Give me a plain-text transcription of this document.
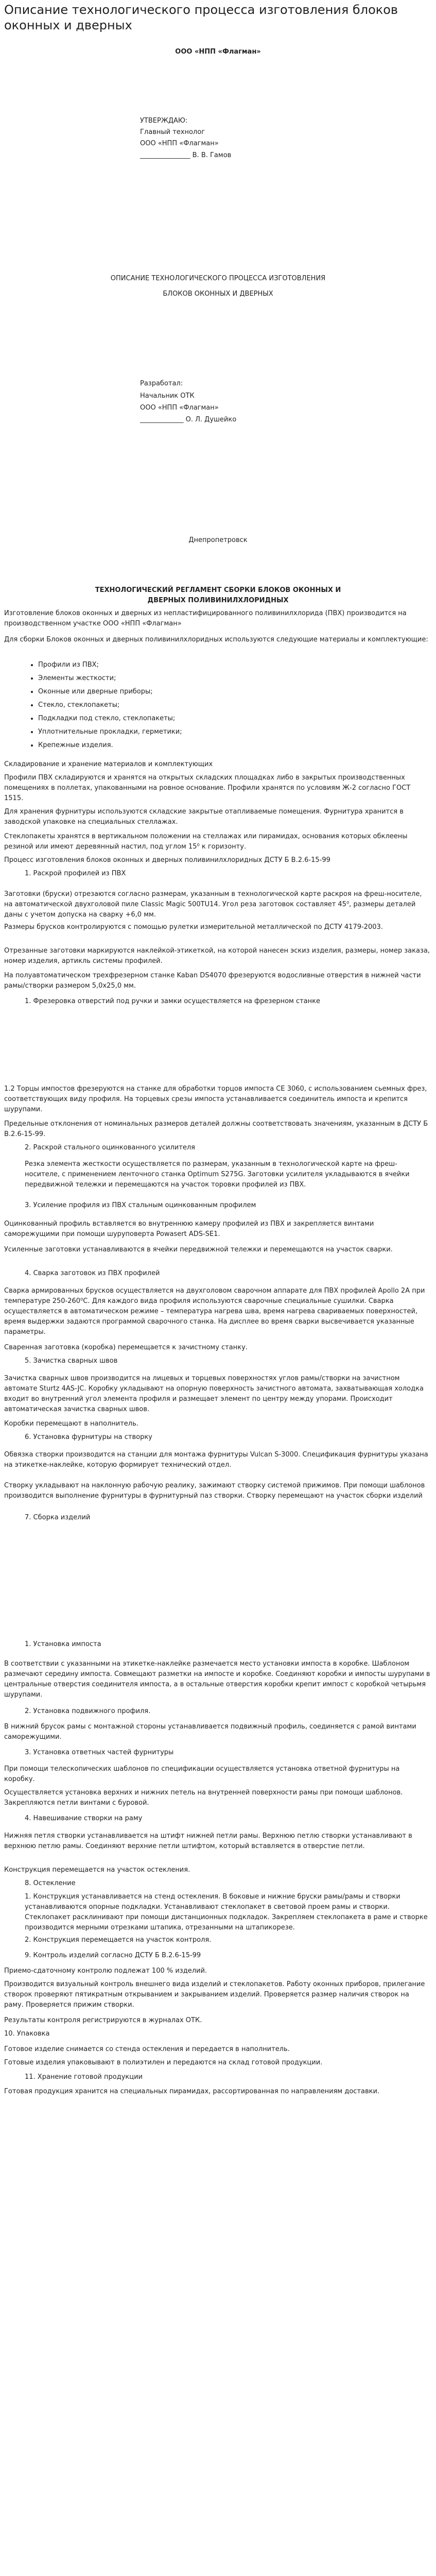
Описание технологического процесса изготовления блоков оконных и дверных

ООО «НПП «Флагман»

УТВЕРЖДАЮ:

Главный технолог

ООО «НПП «Флагман»

_______________ В. В. Гамов

ОПИСАНИЕ ТЕХНОЛОГИЧЕСКОГО ПРОЦЕССА ИЗГОТОВЛЕНИЯ

БЛОКОВ ОКОННЫХ И ДВЕРНЫХ

Разработал:

Начальник ОТК

ООО «НПП «Флагман»

_____________ О. Л. Душейко

Днепропетровск

ТЕХНОЛОГИЧЕСКИЙ РЕГЛАМЕНТ СБОРКИ БЛОКОВ ОКОННЫХ И

ДВЕРНЫХ ПОЛИВИНИЛХЛОРИДНЫХ

Изготовление блоков оконных и дверных из непластифицированного поливинилхлорида (ПВХ) производится на производственном участке ООО «НПП «Флагман»

Для сборки Блоков оконных и дверных поливинилхлоридных используются следующие материалы и комплектующие:

• Профили из ПВХ;
• Элементы жесткости;
• Оконные или дверные приборы;
• Стекло, стеклопакеты;
• Подкладки под стекло, стеклопакеты;
• Уплотнительные прокладки, герметики;
• Крепежные изделия.

Складирование и хранение материалов и комплектующих

Профили ПВХ складируются и хранятся на открытых складских площадках либо в закрытых производственных помещениях в поллетах, упакованными на ровное основание. Профили хранятся по условиям Ж-2 согласно ГОСТ 1515.

Для хранения фурнитуры используются складские закрытые отапливаемые помещения. Фурнитура хранится в заводской упаковке на специальных стеллажах.

Стеклопакеты хранятся в вертикальном положении на стеллажах или пирамидах, основания которых обклеены резиной или имеют деревянный настил, под углом 15⁰ к горизонту.

Процесс изготовления блоков оконных и дверных поливинилхлоридных ДСТУ Б В.2.6-15-99

1. Раскрой профилей из ПВХ

Заготовки (бруски) отрезаются согласно размерам, указанным в технологической карте раскроя на фреш-носителе, на автоматической двухголовой пиле Classic Magic 500TU14. Угол реза заготовок составляет 45⁰, размеры деталей даны с учетом допуска на сварку +6,0 мм.

Размеры брусков контролируются с помощью рулетки измерительной металлической по ДСТУ 4179-2003.

Отрезанные заготовки маркируются наклейкой-этикеткой, на которой нанесен эскиз изделия, размеры, номер заказа, номер изделия, артикль системы профилей.

На полуавтоматическом трехфрезерном станке Kaban DS4070 фрезеруются водосливные отверстия в нижней части рамы/створки размером 5,0х25,0 мм.

1. Фрезеровка отверстий под ручки и замки осуществляется на фрезерном станке

1.2 Торцы импостов фрезеруются на станке для обработки торцов импоста CE 3060, с использованием сьемных фрез, соответствующих виду профиля. На торцевых срезы импоста устанавливается соединитель импоста и крепится шурупами.

Предельные отклонения от номинальных размеров деталей должны соответствовать значениям, указанным в ДСТУ Б В.2.6-15-99.

2. Раскрой стального оцинкованного усилителя

Резка элемента жесткости осуществляется по размерам, указанным в технологической карте на фреш-носителе, с применением ленточного станка Optimum S275G. Заготовки усилителя укладываются в ячейки передвижной тележки и перемещаются на участок торовки профилей из ПВХ.

3. Усиление профиля из ПВХ стальным оцинкованным профилем

Оцинкованный профиль вставляется во внутреннюю камеру профилей из ПВХ и закрепляется винтами саморежущими при помощи шуруповерта Powasert ADS-SE1.

Усиленные заготовки устанавливаются в ячейки передвижной тележки и перемещаются на участок сварки.

4. Сварка заготовок из ПВХ профилей

Сварка армированных брусков осуществляется на двухголовом сварочном аппарате для ПВХ профилей Apollo 2A при температуре 250-260⁰С. Для каждого вида профиля используются сварочные специальные сушилки. Сварка осуществляется в автоматическом режиме – температура нагрева шва, время нагрева свариваемых поверхностей, время выдержки задаются программой сварочного станка. На дисплее во время сварки высвечивается указанные параметры.

Сваренная заготовка (коробка) перемещается к зачистному станку.

5. Зачистка сварных швов

Зачистка сварных швов производится на лицевых и торцевых поверхностях углов рамы/створки на зачистном автомате Sturtz 4AS-JC. Коробку укладывают на опорную поверхность зачистного автомата, захватывающая холодка входит во внутренний угол элемента профиля и размещает элемент по центру между упорами. Происходит автоматическая зачистка сварных швов.

Коробки перемещают в наполнитель.

6. Установка фурнитуры на створку

Обвязка створки производится на станции для монтажа фурнитуры Vulcan S-3000. Спецификация фурнитуры указана на этикетке-наклейке, которую формирует технический отдел.

Створку укладывают на наклонную рабочую реалику, зажимают створку системой прижимов. При помощи шаблонов производится выполнение фурнитуры в фурнитурный паз створки. Створку перемещают на участок сборки изделий

7. Сборка изделий

1. Установка импоста

В соответствии с указанными на этикетке-наклейке размечается место установки импоста в коробке. Шаблоном размечают середину импоста. Совмещают разметки на импосте и коробке. Соединяют коробки и импосты шурупами в центральные отверстия соединителя импоста, а в остальные отверстия коробки крепит импост с коробкой четырьмя шурупами.

2. Установка подвижного профиля.

В нижний брусок рамы с монтажной стороны устанавливается подвижный профиль, соединяется с рамой винтами саморежущими.

3. Установка ответных частей фурнитуры

При помощи телескопических шаблонов по спецификации осуществляется установка ответной фурнитуры на коробку.

Осуществляется установка верхних и нижних петель на внутренней поверхности рамы при помощи шаблонов. Закрепляются петли винтами с буровой.

4. Навешивание створки на раму

Нижняя петля створки устанавливается на штифт нижней петли рамы. Верхнюю петлю створки устанавливают в верхнюю петлю рамы. Соединяют верхние петли штифтом, который вставляется в отверстие петли.

Конструкция перемещается на участок остекления.

8. Остекление

1. Конструкция устанавливается на стенд остекления. В боковые и нижние бруски рамы/рамы и створки устанавливаются опорные подкладки. Устанавливают стеклопакет в световой проем рамы и створки. Стеклопакет расклинивают при помощи дистанционных подкладок. Закрепляем стеклопакета в раме и створке производится мерными отрезками штапика, отрезанными на штапикорезе.

2. Конструкция перемещается на участок контроля.

9. Контроль изделий согласно ДСТУ Б В.2.6-15-99

Приемо-сдаточному контролю подлежат 100 % изделий.

Производится визуальный контроль внешнего вида изделий и стеклопакетов. Работу оконных приборов, прилегание створок проверяют пятикратным открыванием и закрыванием изделий. Проверяется размер наличия створок на раму. Проверяется прижим створки.

Результаты контроля регистрируются в журналах ОТК.

10. Упаковка

Готовое изделие снимается со стенда остекления и передается в наполнитель.

Готовые изделия упаковывают в полиэтилен и передаются на склад готовой продукции.

11. Хранение готовой продукции

Готовая продукция хранится на специальных пирамидах, рассортированная по направлениям доставки.
